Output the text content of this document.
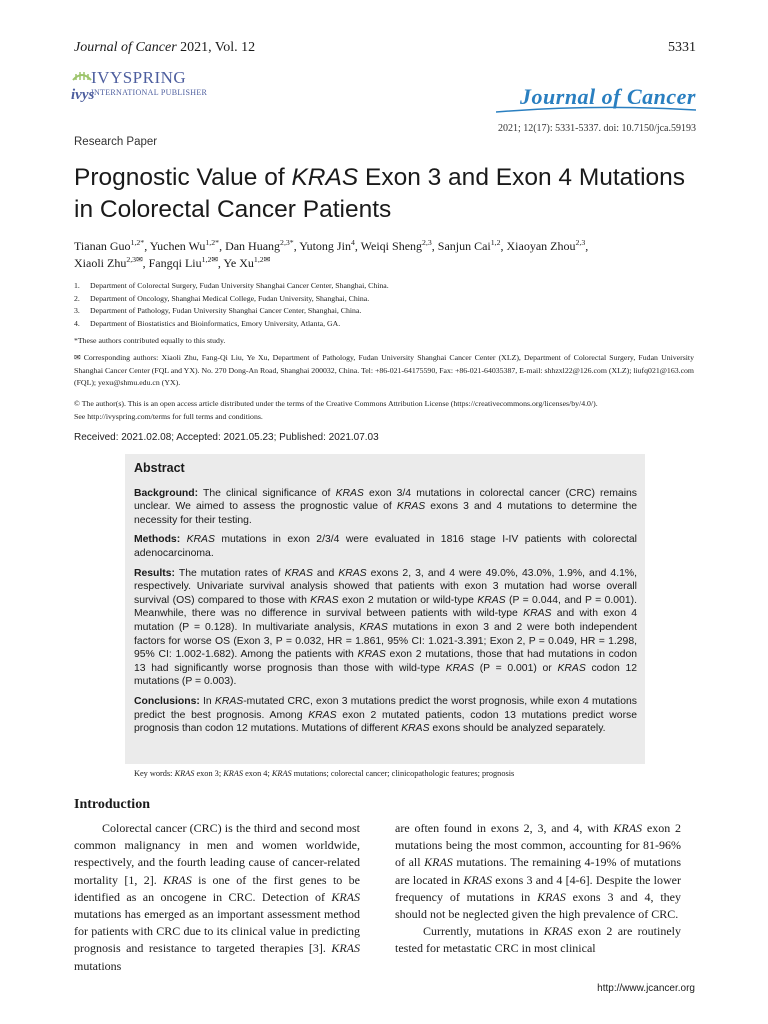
Journal of Cancer 2021, Vol. 12	5331
ivys
IVYSPRING
INTERNATIONAL PUBLISHER	Journal of Cancer
2021; 12(17): 5331-5337. doi: 10.7150/jca.59193
Research Paper
Prognostic Value of KRAS Exon 3 and Exon 4 Mutations
in Colorectal Cancer Patients
Tianan Guo$^{1,2*}$, Yuchen $Wu^{1,2*}$, Dan Huang$^{2,3*}$, Yutong Jin$^4$, Weiqi Sheng$^{2,3}$, Sanjun Cai$^{1,2}$, Xiaoyan Zhou$^{2,3}$,
Xiaoli Zhu$^{2,3✉}$, Fangqi Liu$^{1,2✉}$, Ye $Xu^{1,2✉}$
1. Department of Colorectal Surgery, Fudan University Shanghai Cancer Center, Shanghai, China.
2. Department of Oncology, Shanghai Medical College, Fudan University, Shanghai, China.
3. Department of Pathology, Fudan University Shanghai Cancer Center, Shanghai, China.
4. Department of Biostatistics and Bioinformatics, Emory University, Atlanta, GA.
*These authors contributed equally to this study.
✉ Corresponding authors: Xiaoli Zhu, Fang-Qi Liu, Ye Xu, Department of Pathology, Fudan University Shanghai Cancer Center (XLZ), Department of Colorectal Surgery, Fudan University Shanghai Cancer Center (FQL and YX). No. 270 Dong-An Road, Shanghai 200032, China. Tel: +86-021-64175590, Fax: +86-021-64035387, E-mail: shhzxl22@126.com (XLZ); liufq021@163.com (FQL); yexu@shmu.edu.cn (YX).
© The author(s). This is an open access article distributed under the terms of the Creative Commons Attribution License (https://creativecommons.org/licenses/by/4.0/).
See http://ivyspring.com/terms for full terms and conditions.
Received: 2021.02.08; Accepted: 2021.05.23; Published: 2021.07.03
Abstract

Background: The clinical significance of KRAS exon 3/4 mutations in colorectal cancer (CRC) remains unclear. We aimed to assess the prognostic value of KRAS exons 3 and 4 mutations to determine the necessity for their testing.

Methods: KRAS mutations in exon 2/3/4 were evaluated in 1816 stage I-IV patients with colorectal adenocarcinoma.

Results: The mutation rates of KRAS and KRAS exons 2, 3, and 4 were 49.0%, 43.0%, 1.9%, and 4.1%, respectively. Univariate survival analysis showed that patients with exon 3 mutation had worse overall survival (OS) compared to those with KRAS exon 2 mutation or wild-type KRAS (P = 0.044, and P = 0.001). Meanwhile, there was no difference in survival between patients with wild-type KRAS and with exon 4 mutation (P = 0.128). In multivariate analysis, KRAS mutations in exon 3 and 2 were both independent factors for worse OS (Exon 3, P = 0.032, HR = 1.861, 95% CI: 1.021-3.391; Exon 2, P = 0.049, HR = 1.298, 95% CI: 1.002-1.682). Among the patients with KRAS exon 2 mutations, those that had mutations in codon 13 had significantly worse prognosis than those with wild-type KRAS (P = 0.001) or KRAS codon 12 mutations (P = 0.003).

Conclusions: In KRAS-mutated CRC, exon 3 mutations predict the worst prognosis, while exon 4 mutations predict the best prognosis. Among KRAS exon 2 mutated patients, codon 13 mutations predict worse prognosis than codon 12 mutations. Mutations of different KRAS exons should be analyzed separately.

Key words: KRAS exon 3; KRAS exon 4; KRAS mutations; colorectal cancer; clinicopathologic features; prognosis
Introduction

Colorectal cancer (CRC) is the third and second most common malignancy in men and women worldwide, respectively, and the fourth leading cause of cancer-related mortality [1, 2]. KRAS is one of the first genes to be identified as an oncogene in CRC. Detection of KRAS mutations has emerged as an important assessment method for patients with CRC due to its clinical value in predicting prognosis and resistance to targeted therapies [3]. KRAS mutations

are often found in exons 2, 3, and 4, with KRAS exon 2 mutations being the most common, accounting for 81-96% of all KRAS mutations. The remaining 4-19% of mutations are located in KRAS exons 3 and 4 [4-6]. Despite the lower frequency of mutations in KRAS exons 3 and 4, they should not be neglected given the high prevalence of CRC.

Currently, mutations in KRAS exon 2 are routinely tested for metastatic CRC in most clinical

http://www.jcancer.org
